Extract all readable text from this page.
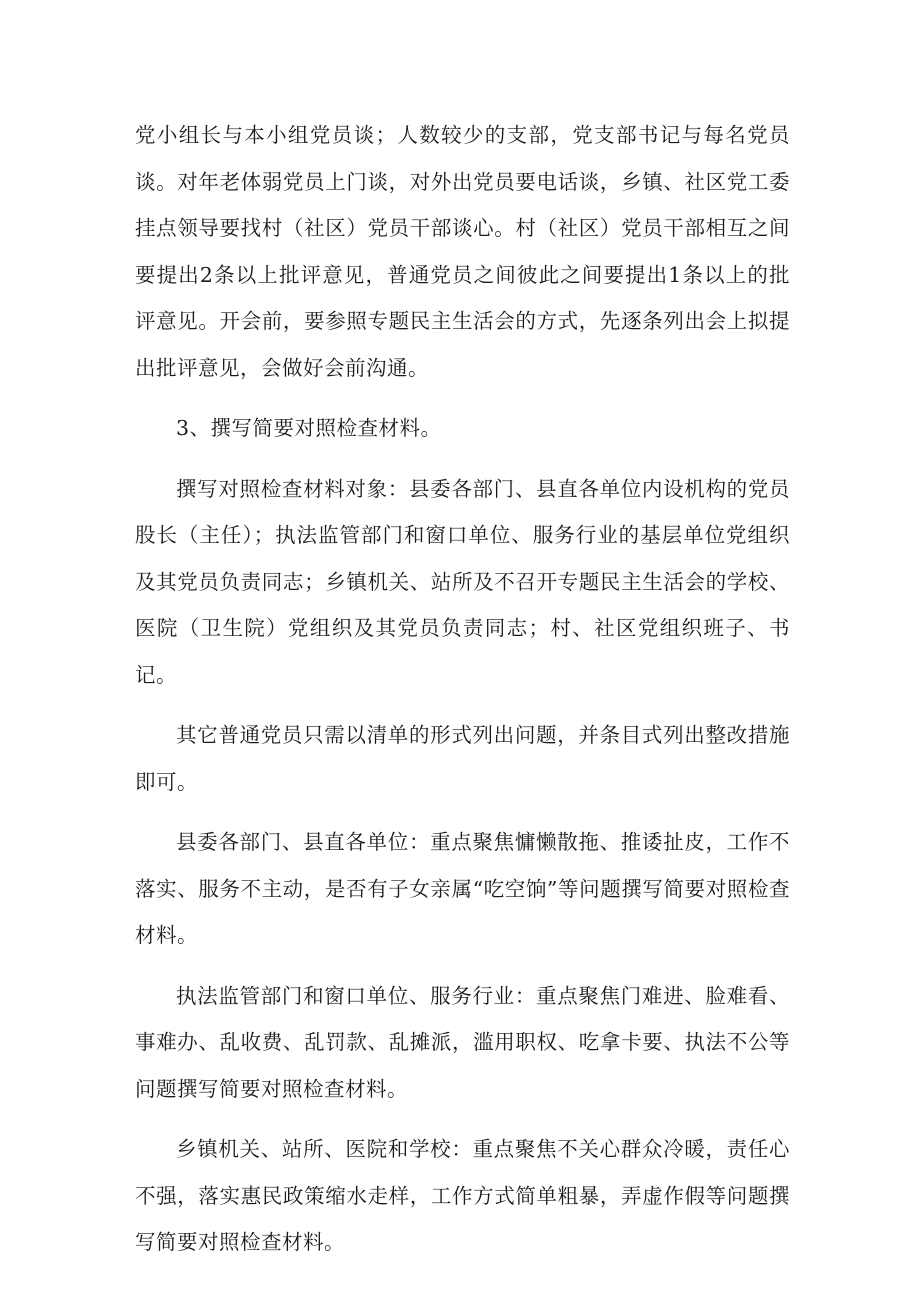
党小组长与本小组党员谈；人数较少的支部，党支部书记与每名党员谈。对年老体弱党员上门谈，对外出党员要电话谈，乡镇、社区党工委挂点领导要找村（社区）党员干部谈心。村（社区）党员干部相互之间要提出2条以上批评意见，普通党员之间彼此之间要提出1条以上的批评意见。开会前，要参照专题民主生活会的方式，先逐条列出会上拟提出批评意见，会做好会前沟通。

3、撰写简要对照检查材料。

撰写对照检查材料对象：县委各部门、县直各单位内设机构的党员股长（主任）；执法监管部门和窗口单位、服务行业的基层单位党组织及其党员负责同志；乡镇机关、站所及不召开专题民主生活会的学校、医院（卫生院）党组织及其党员负责同志；村、社区党组织班子、书记。

其它普通党员只需以清单的形式列出问题，并条目式列出整改措施即可。

县委各部门、县直各单位：重点聚焦慵懒散拖、推诿扯皮，工作不落实、服务不主动，是否有子女亲属“吃空饷”等问题撰写简要对照检查材料。

执法监管部门和窗口单位、服务行业：重点聚焦门难进、脸难看、事难办、乱收费、乱罚款、乱摊派，滥用职权、吃拿卡要、执法不公等问题撰写简要对照检查材料。

乡镇机关、站所、医院和学校：重点聚焦不关心群众冷暖，责任心不强，落实惠民政策缩水走样，工作方式简单粗暴，弄虚作假等问题撰写简要对照检查材料。
